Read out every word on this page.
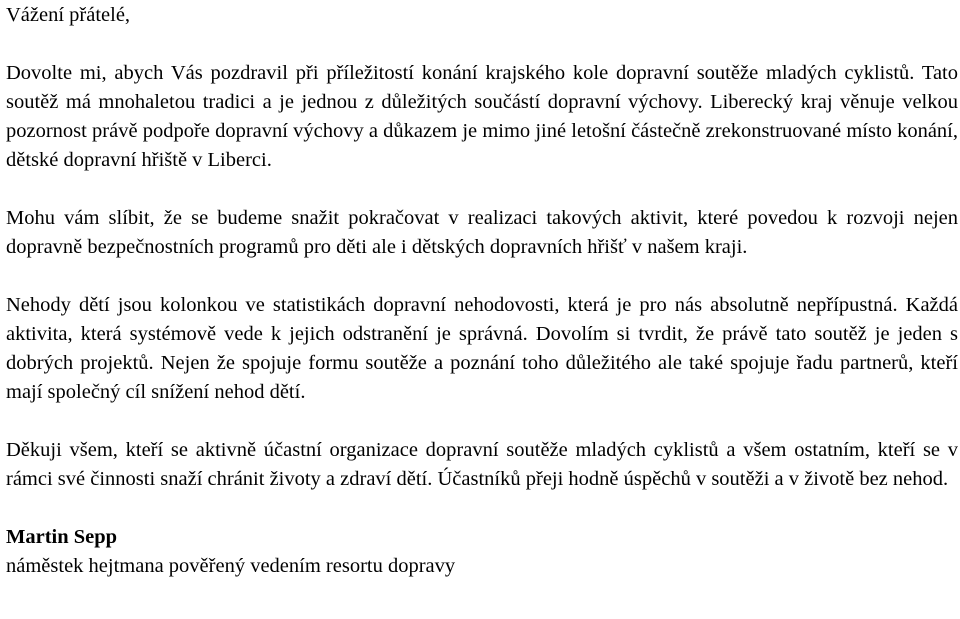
Vážení přátelé,

Dovolte mi, abych Vás pozdravil při příležitostí konání krajského kole dopravní soutěže mladých cyklistů. Tato soutěž má mnohaletou tradici a je jednou z důležitých součástí dopravní výchovy. Liberecký kraj věnuje velkou pozornost právě podpoře dopravní výchovy a důkazem je mimo jiné letošní částečně zrekonstruované místo konání, dětské dopravní hřiště v Liberci.

Mohu vám slíbit, že se budeme snažit pokračovat v realizaci takových aktivit, které povedou k rozvoji nejen dopravně bezpečnostních programů pro děti ale i dětských dopravních hřišť v našem kraji.

Nehody dětí jsou kolonkou ve statistikách dopravní nehodovosti, která je pro nás absolutně nepřípustná. Každá aktivita, která systémově vede k jejich odstranění je správná. Dovolím si tvrdit, že právě tato soutěž je jeden s dobrých projektů. Nejen že spojuje formu soutěže a poznání toho důležitého ale také spojuje řadu partnerů, kteří mají společný cíl snížení nehod dětí.

Děkuji všem, kteří se aktivně účastní organizace dopravní soutěže mladých cyklistů a všem ostatním, kteří se v rámci své činnosti snaží chránit životy a zdraví dětí. Účastníků přeji hodně úspěchů v soutěži a v životě bez nehod.

Martin Sepp

náměstek hejtmana pověřený vedením resortu dopravy
